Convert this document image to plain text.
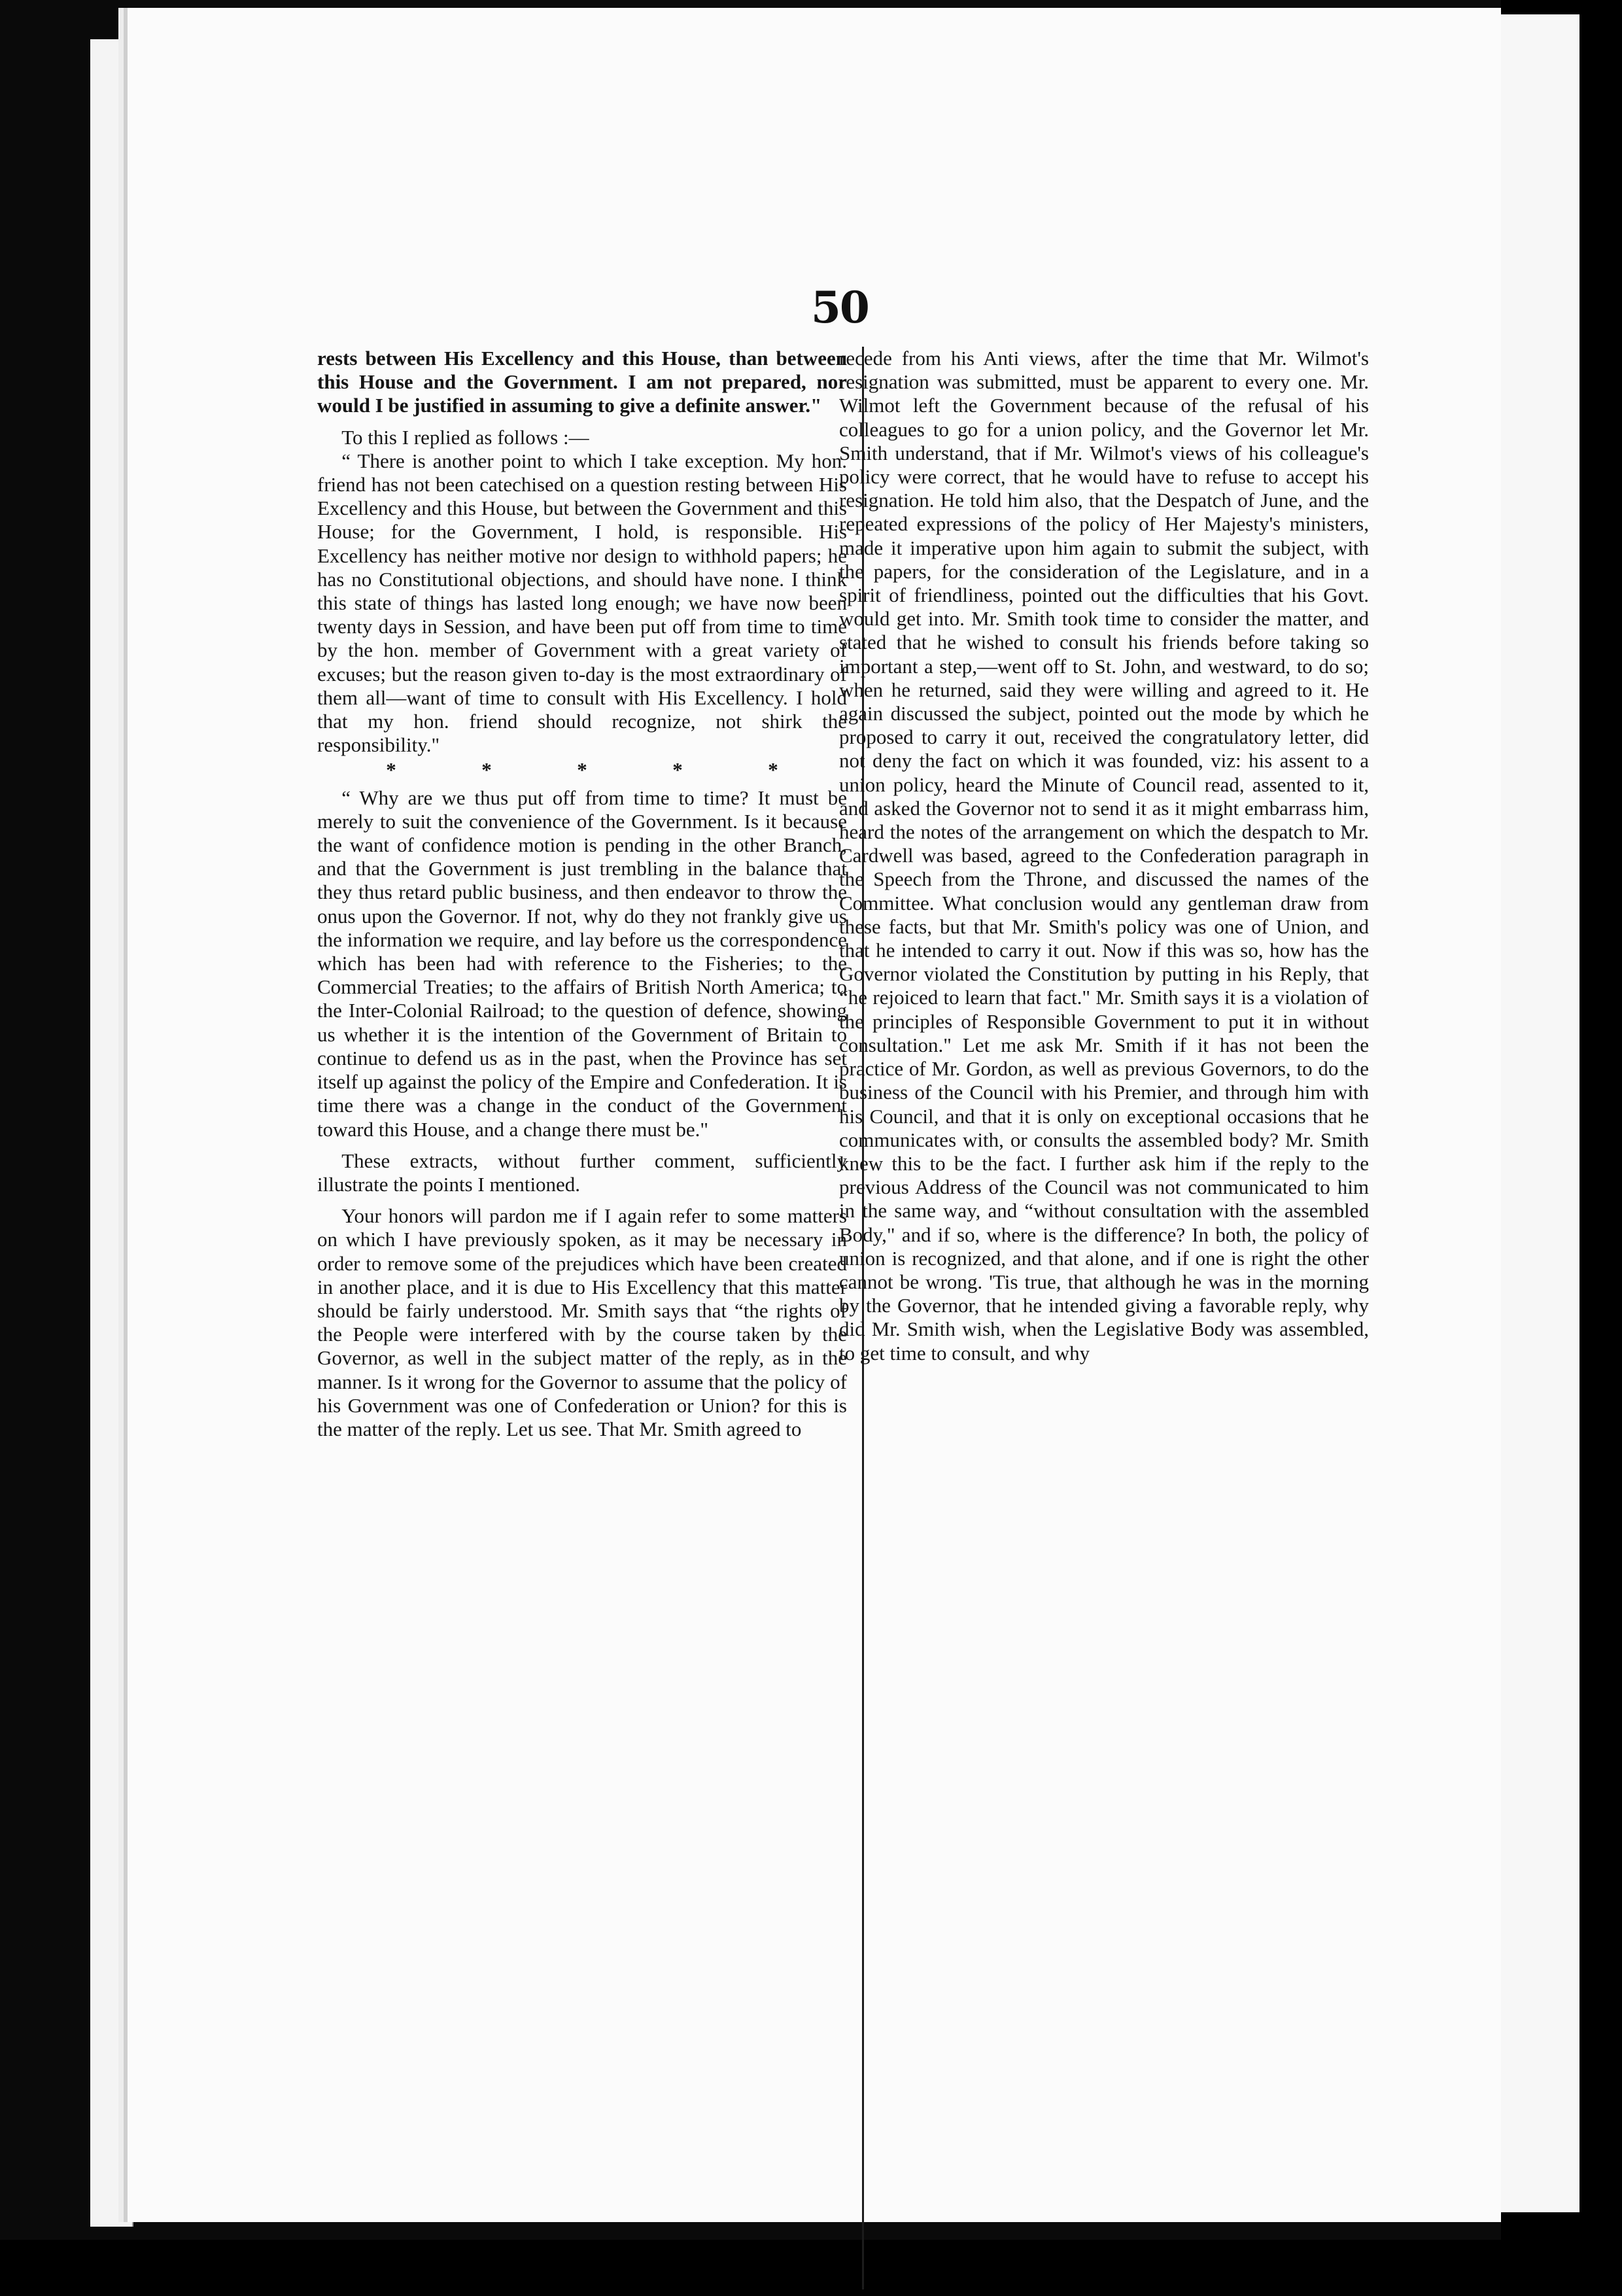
50

rests between His Excellency and this House, than between this House and the Government. I am not prepared, nor would I be justified in assuming to give a definite answer."

To this I replied as follows :—

“ There is another point to which I take exception. My hon. friend has not been catechised on a question resting between His Excellency and this House, but between the Government and this House; for the Government, I hold, is responsible. His Excellency has neither motive nor design to withhold papers; he has no Constitutional objections, and should have none. I think this state of things has lasted long enough; we have now been twenty days in Session, and have been put off from time to time by the hon. member of Government with a great variety of excuses; but the reason given to-day is the most extraordinary of them all—want of time to consult with His Excellency. I hold that my hon. friend should recognize, not shirk the responsibility."

*	*	*	*	*

“ Why are we thus put off from time to time? It must be merely to suit the convenience of the Government. Is it because the want of confidence motion is pending in the other Branch, and that the Government is just trembling in the balance that they thus retard public business, and then endeavor to throw the onus upon the Governor. If not, why do they not frankly give us the information we require, and lay before us the correspondence which has been had with reference to the Fisheries; to the Commercial Treaties; to the affairs of British North America; to the Inter-Colonial Railroad; to the question of defence, showing us whether it is the intention of the Government of Britain to continue to defend us as in the past, when the Province has set itself up against the policy of the Empire and Confederation. It is time there was a change in the conduct of the Government toward this House, and a change there must be."

These extracts, without further comment, sufficiently illustrate the points I mentioned.

Your honors will pardon me if I again refer to some matters on which I have previously spoken, as it may be necessary in order to remove some of the prejudices which have been created in another place, and it is due to His Excellency that this matter should be fairly understood. Mr. Smith says that “the rights of the People were interfered with by the course taken by the Governor, as well in the subject matter of the reply, as in the manner. Is it wrong for the Governor to assume that the policy of his Government was one of Confederation or Union? for this is the matter of the reply. Let us see. That Mr. Smith agreed to

recede from his Anti views, after the time that Mr. Wilmot's resignation was submitted, must be apparent to every one. Mr. Wilmot left the Government because of the refusal of his colleagues to go for a union policy, and the Governor let Mr. Smith understand, that if Mr. Wilmot's views of his colleague's policy were correct, that he would have to refuse to accept his resignation. He told him also, that the Despatch of June, and the repeated expressions of the policy of Her Majesty's ministers, made it imperative upon him again to submit the subject, with the papers, for the consideration of the Legislature, and in a spirit of friendliness, pointed out the difficulties that his Govt. would get into. Mr. Smith took time to consider the matter, and stated that he wished to consult his friends before taking so important a step,—went off to St. John, and westward, to do so; when he returned, said they were willing and agreed to it. He again discussed the subject, pointed out the mode by which he proposed to carry it out, received the congratulatory letter, did not deny the fact on which it was founded, viz: his assent to a union policy, heard the Minute of Council read, assented to it, and asked the Governor not to send it as it might embarrass him, heard the notes of the arrangement on which the despatch to Mr. Cardwell was based, agreed to the Confederation paragraph in the Speech from the Throne, and discussed the names of the Committee. What conclusion would any gentleman draw from these facts, but that Mr. Smith's policy was one of Union, and that he intended to carry it out. Now if this was so, how has the Governor violated the Constitution by putting in his Reply, that “he rejoiced to learn that fact." Mr. Smith says it is a violation of the principles of Responsible Government to put it in without consultation." Let me ask Mr. Smith if it has not been the practice of Mr. Gordon, as well as previous Governors, to do the business of the Council with his Premier, and through him with his Council, and that it is only on exceptional occasions that he communicates with, or consults the assembled body? Mr. Smith knew this to be the fact. I further ask him if the reply to the previous Address of the Council was not communicated to him in the same way, and “without consultation with the assembled Body," and if so, where is the difference? In both, the policy of union is recognized, and that alone, and if one is right the other cannot be wrong. 'Tis true, that although he was in the morning by the Governor, that he intended giving a favorable reply, why did Mr. Smith wish, when the Legislative Body was assembled, to get time to consult, and why
